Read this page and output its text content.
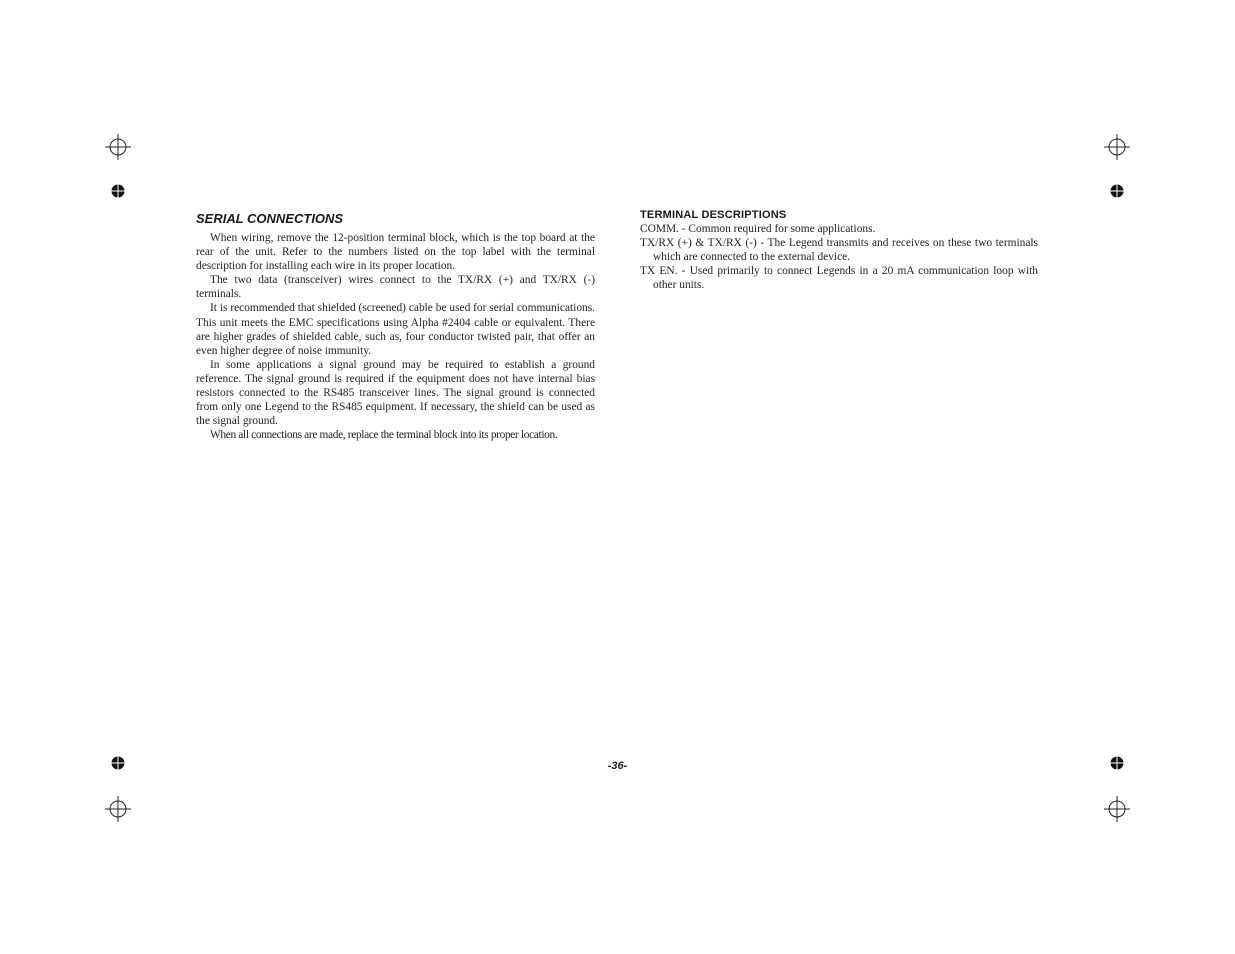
SERIAL CONNECTIONS

When wiring, remove the 12-position terminal block, which is the top board at the rear of the unit. Refer to the numbers listed on the top label with the terminal description for installing each wire in its proper location.

The two data (transceiver) wires connect to the TX/RX (+) and TX/RX (-) terminals.

It is recommended that shielded (screened) cable be used for serial communications. This unit meets the EMC specifications using Alpha #2404 cable or equivalent. There are higher grades of shielded cable, such as, four conductor twisted pair, that offer an even higher degree of noise immunity.

In some applications a signal ground may be required to establish a ground reference. The signal ground is required if the equipment does not have internal bias resistors connected to the RS485 transceiver lines. The signal ground is connected from only one Legend to the RS485 equipment. If necessary, the shield can be used as the signal ground.

When all connections are made, replace the terminal block into its proper location.

TERMINAL DESCRIPTIONS

COMM. - Common required for some applications.

TX/RX (+) & TX/RX (-) - The Legend transmits and receives on these two terminals which are connected to the external device.

TX EN. - Used primarily to connect Legends in a 20 mA communication loop with other units.

-36-
